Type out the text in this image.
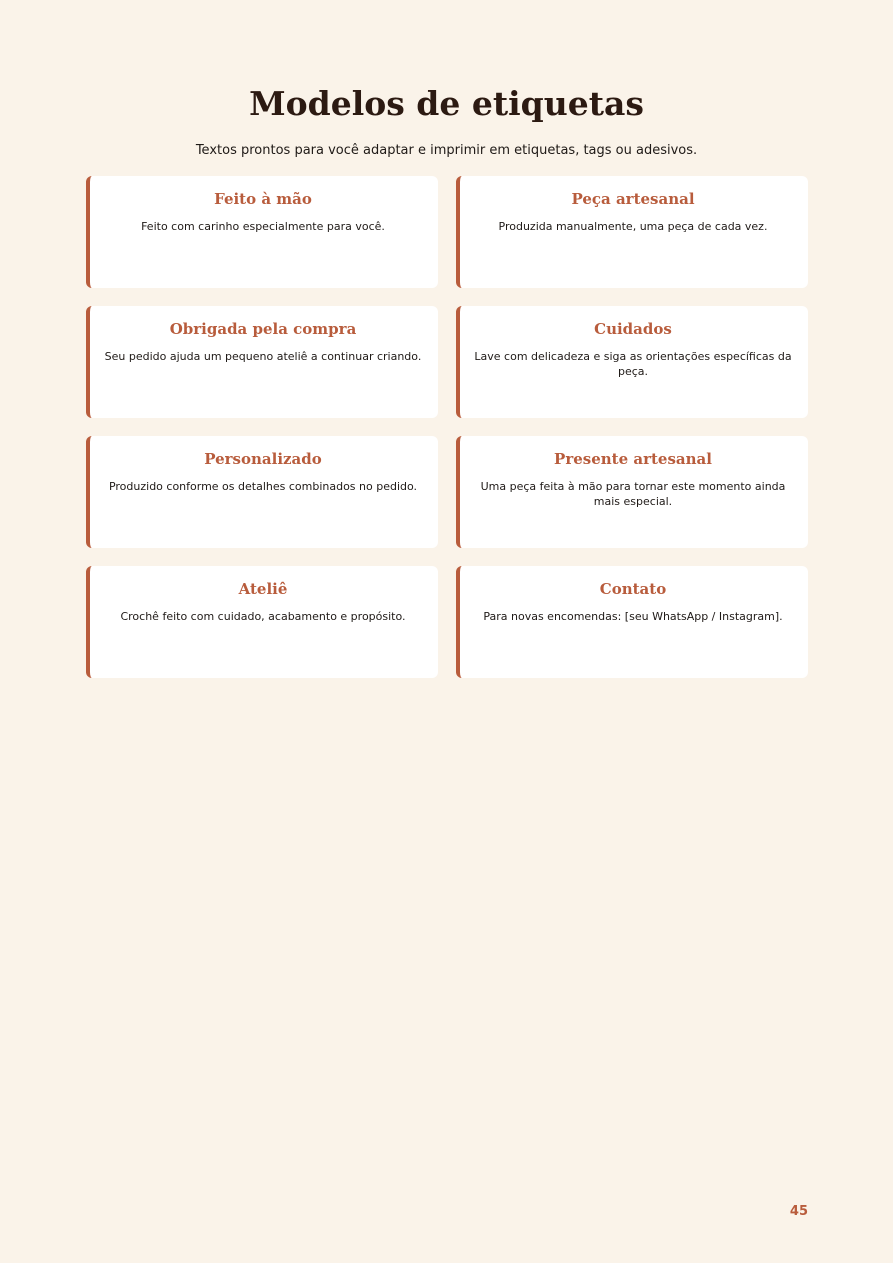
Modelos de etiquetas

Textos prontos para você adaptar e imprimir em etiquetas, tags ou adesivos.

Feito à mão

Feito com carinho especialmente para você.

Peça artesanal

Produzida manualmente, uma peça de cada vez.

Obrigada pela compra

Seu pedido ajuda um pequeno ateliê a continuar criando.

Cuidados

Lave com delicadeza e siga as orientações específicas da peça.

Personalizado

Produzido conforme os detalhes combinados no pedido.

Presente artesanal

Uma peça feita à mão para tornar este momento ainda mais especial.

Ateliê

Crochê feito com cuidado, acabamento e propósito.

Contato

Para novas encomendas: [seu WhatsApp / Instagram].

45
